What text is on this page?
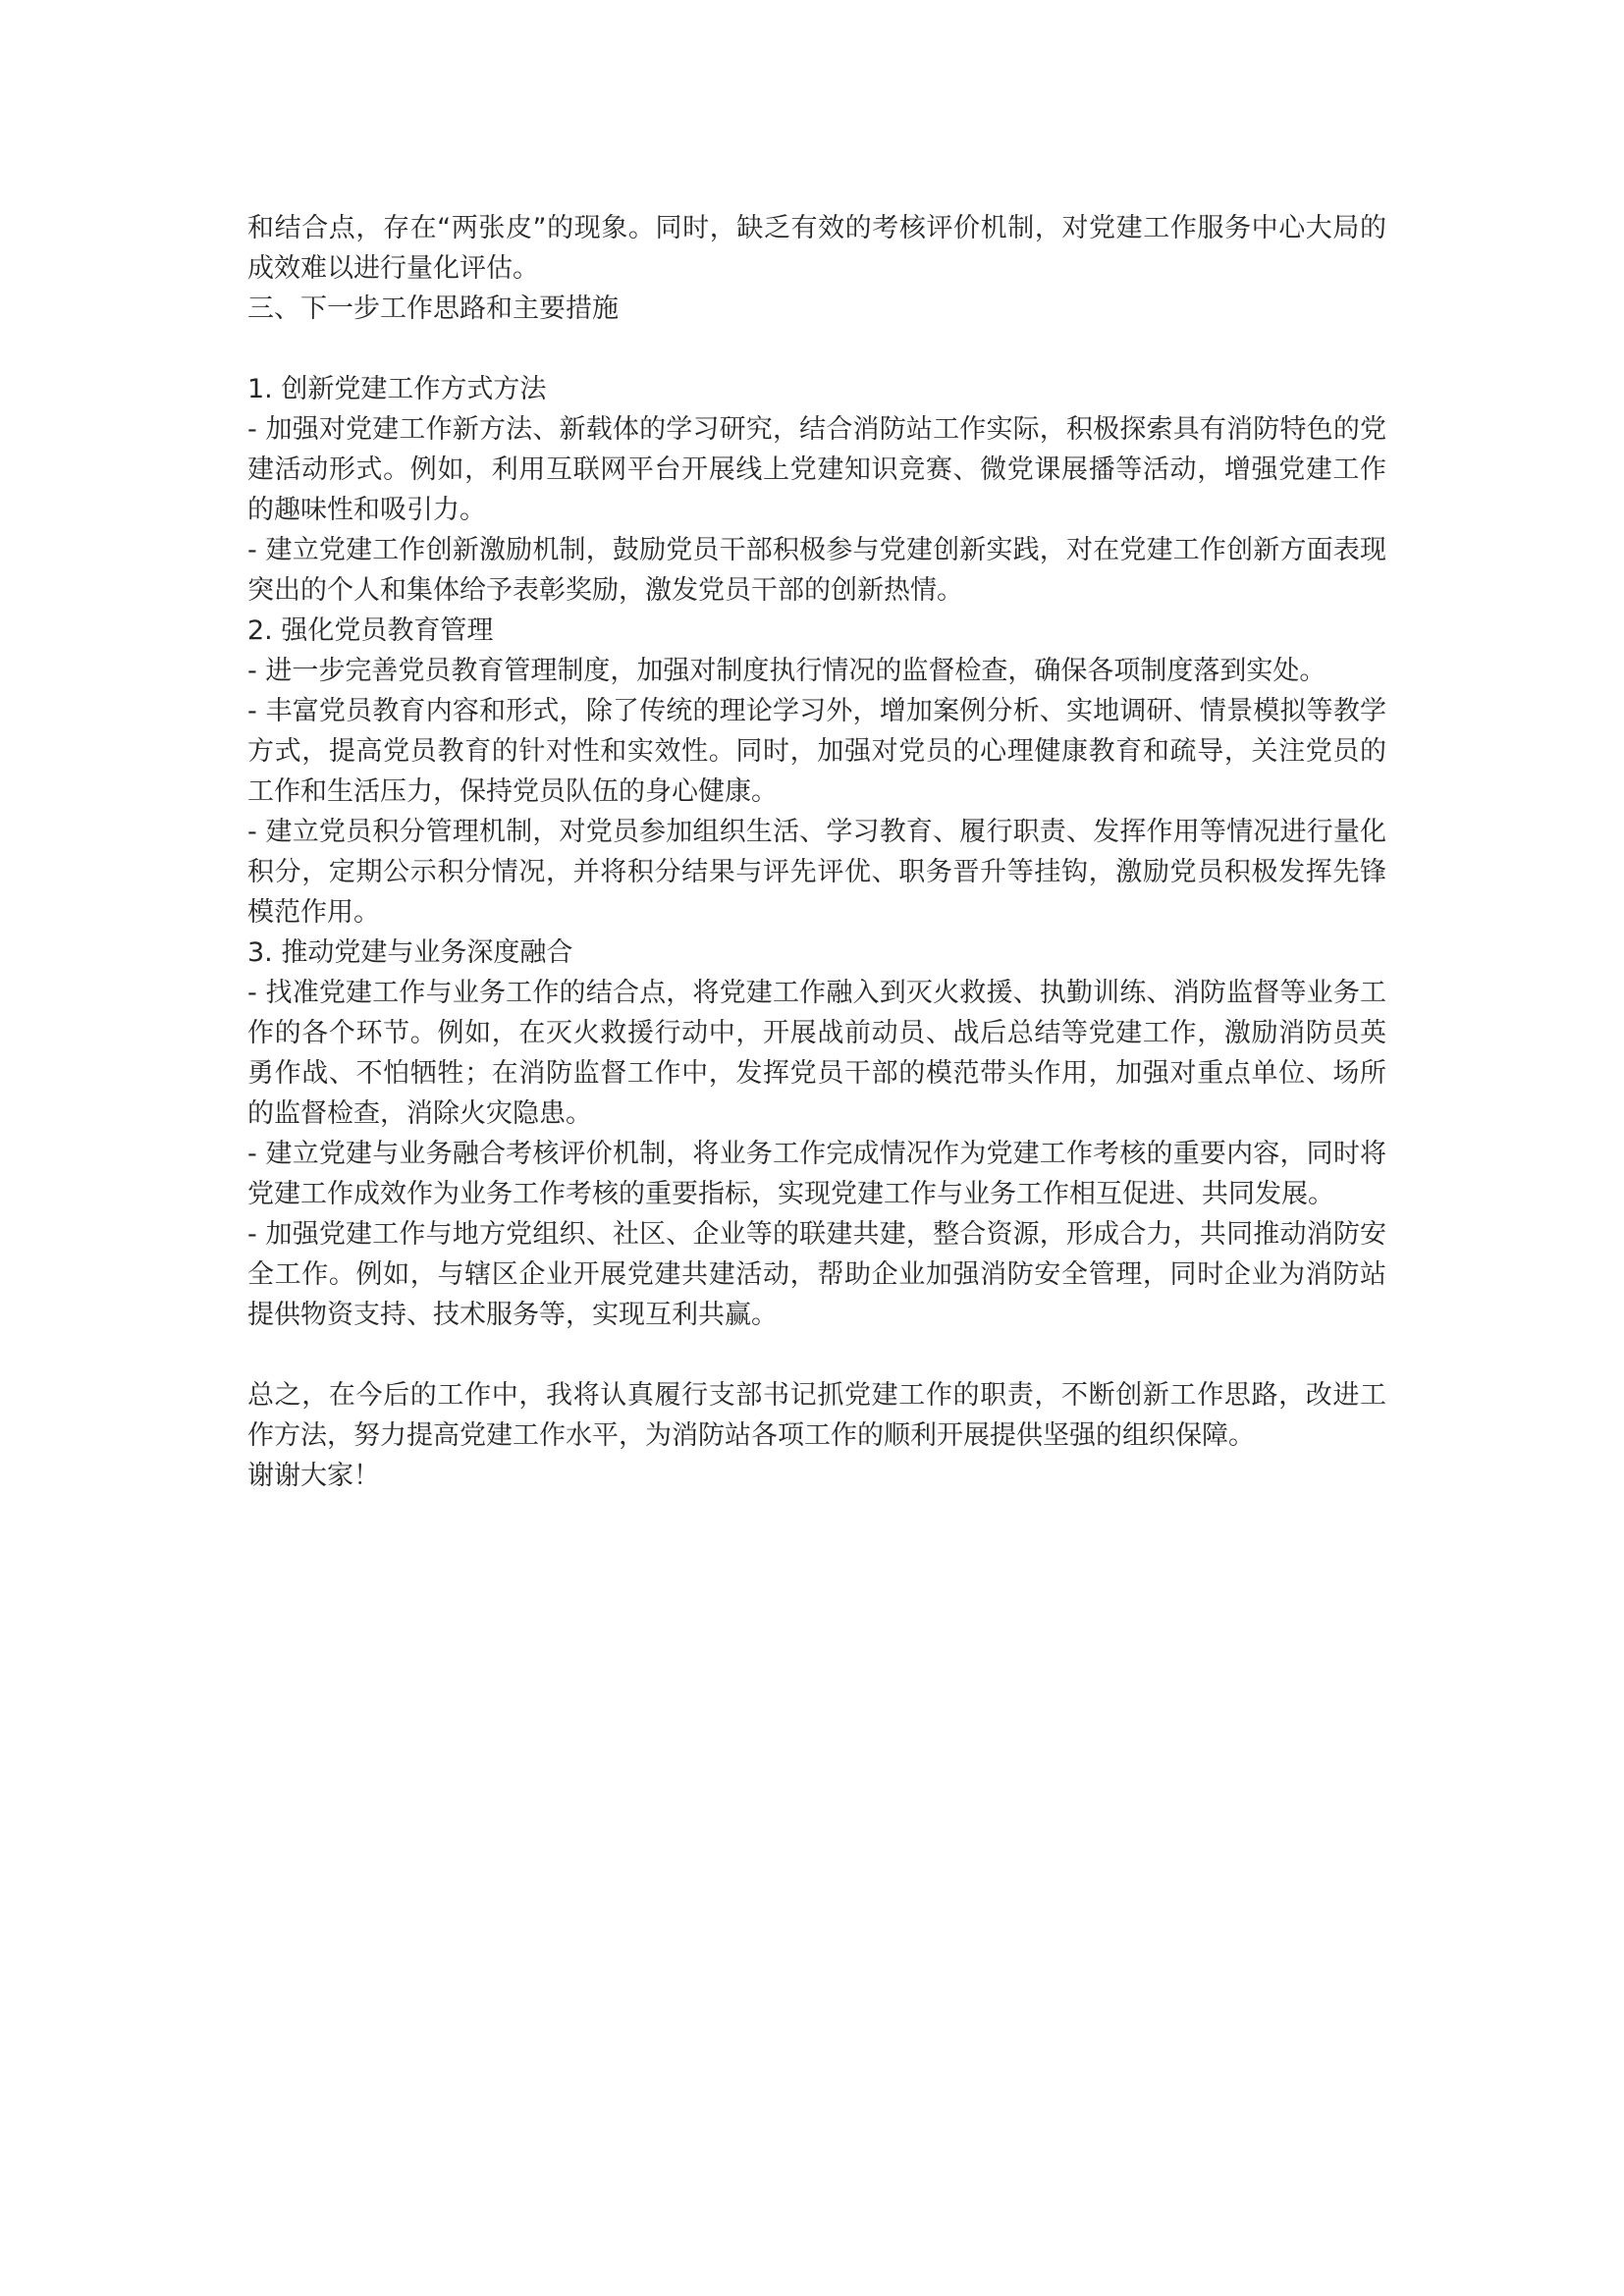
和结合点，存在“两张皮”的现象。同时，缺乏有效的考核评价机制，对党建工作服务中心大局的成效难以进行量化评估。

三、下一步工作思路和主要措施

1. 创新党建工作方式方法

- 加强对党建工作新方法、新载体的学习研究，结合消防站工作实际，积极探索具有消防特色的党建活动形式。例如，利用互联网平台开展线上党建知识竞赛、微党课展播等活动，增强党建工作的趣味性和吸引力。

- 建立党建工作创新激励机制，鼓励党员干部积极参与党建创新实践，对在党建工作创新方面表现突出的个人和集体给予表彰奖励，激发党员干部的创新热情。

2. 强化党员教育管理

- 进一步完善党员教育管理制度，加强对制度执行情况的监督检查，确保各项制度落到实处。

- 丰富党员教育内容和形式，除了传统的理论学习外，增加案例分析、实地调研、情景模拟等教学方式，提高党员教育的针对性和实效性。同时，加强对党员的心理健康教育和疏导，关注党员的工作和生活压力，保持党员队伍的身心健康。

- 建立党员积分管理机制，对党员参加组织生活、学习教育、履行职责、发挥作用等情况进行量化积分，定期公示积分情况，并将积分结果与评先评优、职务晋升等挂钩，激励党员积极发挥先锋模范作用。

3. 推动党建与业务深度融合

- 找准党建工作与业务工作的结合点，将党建工作融入到灭火救援、执勤训练、消防监督等业务工作的各个环节。例如，在灭火救援行动中，开展战前动员、战后总结等党建工作，激励消防员英勇作战、不怕牺牲；在消防监督工作中，发挥党员干部的模范带头作用，加强对重点单位、场所的监督检查，消除火灾隐患。

- 建立党建与业务融合考核评价机制，将业务工作完成情况作为党建工作考核的重要内容，同时将党建工作成效作为业务工作考核的重要指标，实现党建工作与业务工作相互促进、共同发展。

- 加强党建工作与地方党组织、社区、企业等的联建共建，整合资源，形成合力，共同推动消防安全工作。例如，与辖区企业开展党建共建活动，帮助企业加强消防安全管理，同时企业为消防站提供物资支持、技术服务等，实现互利共赢。

总之，在今后的工作中，我将认真履行支部书记抓党建工作的职责，不断创新工作思路，改进工作方法，努力提高党建工作水平，为消防站各项工作的顺利开展提供坚强的组织保障。

谢谢大家！
